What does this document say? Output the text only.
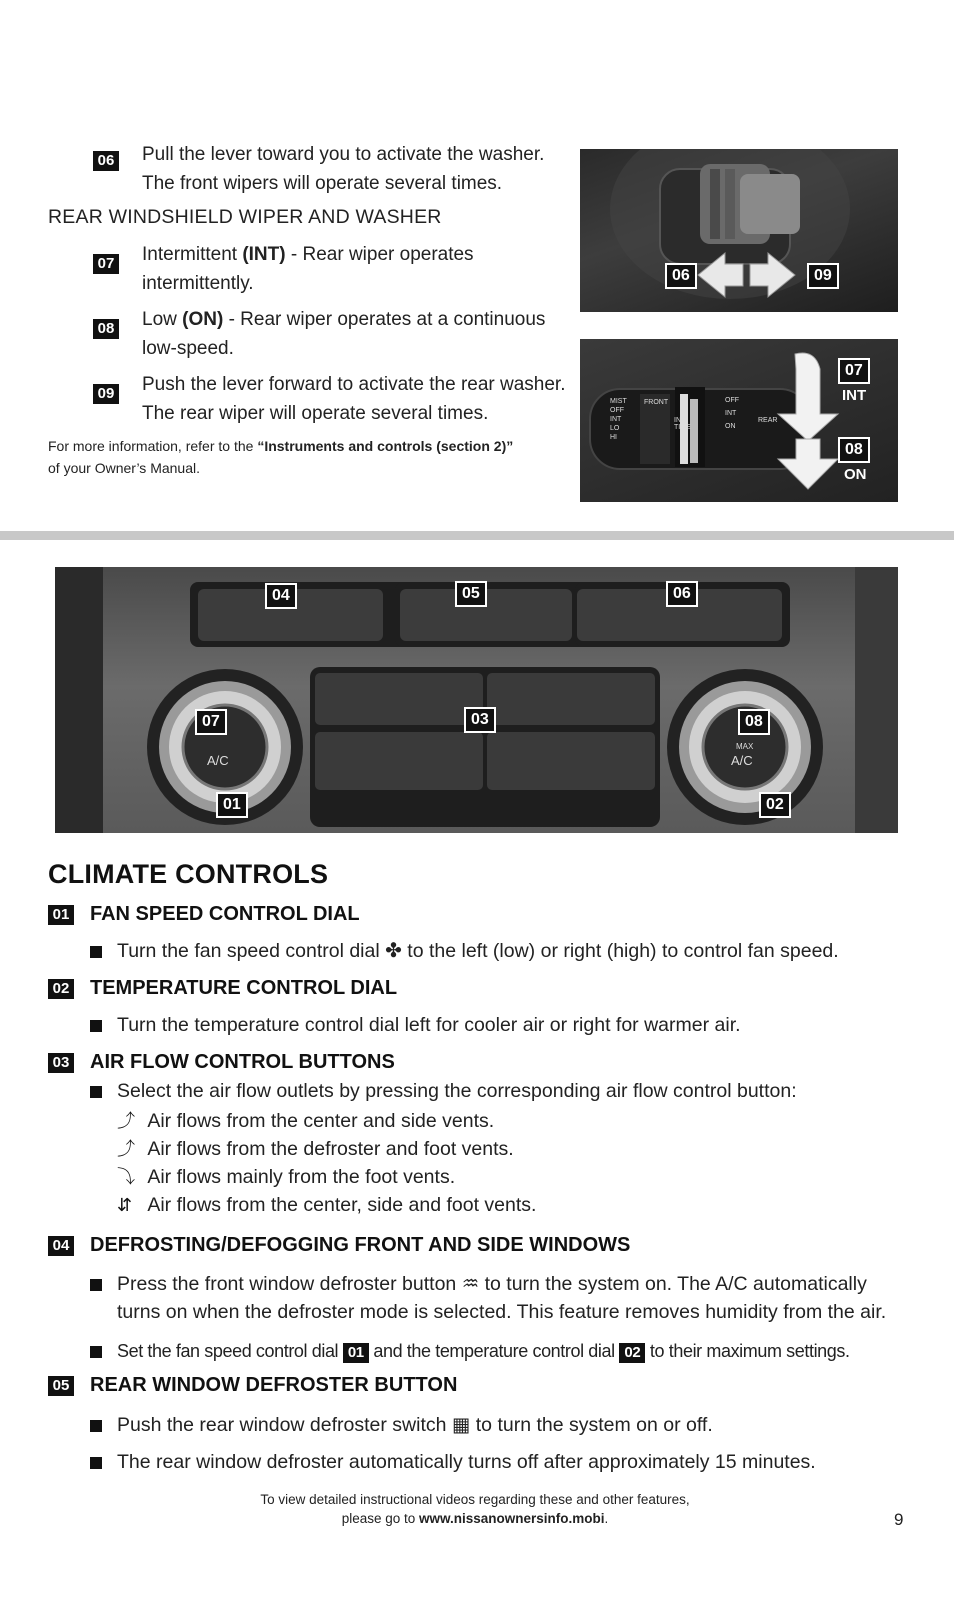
06 Pull the lever toward you to activate the washer.
The front wipers will operate several times.
REAR WINDSHIELD WIPER AND WASHER
07 Intermittent (INT) - Rear wiper operates
intermittently.
08 Low (ON) - Rear wiper operates at a continuous
low-speed.
09 Push the lever forward to activate the rear washer.
The rear wiper will operate several times.
For more information, refer to the “Instruments and controls (section 2)”
of your Owner’s Manual.
06	09
MIST
OFF
INT
LO
HI
FRONT
INT TIME
OFF
INT
ON
REAR
07
INT
08
ON
A/C
MAX
A/C
04	05	06
07	03	08
01	02
CLIMATE CONTROLS
01 FAN SPEED CONTROL DIAL
Turn the fan speed control dial ✤ to the left (low) or right (high) to control fan speed.
02 TEMPERATURE CONTROL DIAL
Turn the temperature control dial left for cooler air or right for warmer air.
03 AIR FLOW CONTROL BUTTONS
Select the air flow outlets by pressing the corresponding air flow control button:
⤴ Air flows from the center and side vents.
⤴ Air flows from the defroster and foot vents.
⤵ Air flows mainly from the foot vents.
⇵ Air flows from the center, side and foot vents.
04 DEFROSTING/DEFOGGING FRONT AND SIDE WINDOWS
Press the front window defroster button ♒ to turn the system on. The A/C automatically
turns on when the defroster mode is selected. This feature removes humidity from the air.
Set the fan speed control dial 01 and the temperature control dial 02 to their maximum settings.
05 REAR WINDOW DEFROSTER BUTTON
Push the rear window defroster switch ▦ to turn the system on or off.
The rear window defroster automatically turns off after approximately 15 minutes.
To view detailed instructional videos regarding these and other features,
please go to www.nissanownersinfo.mobi.	9
